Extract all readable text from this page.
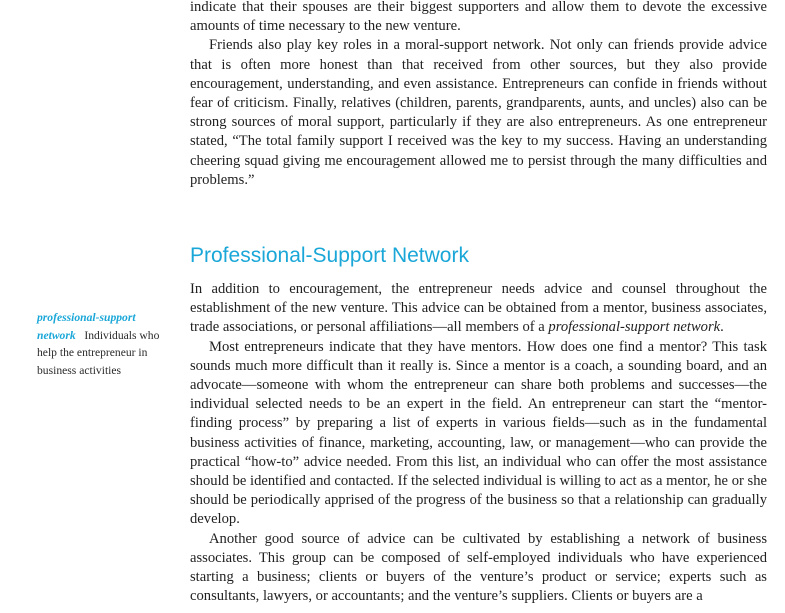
indicate that their spouses are their biggest supporters and allow them to devote the excessive amounts of time necessary to the new venture.

Friends also play key roles in a moral-support network. Not only can friends provide advice that is often more honest than that received from other sources, but they also provide encouragement, understanding, and even assistance. Entrepreneurs can confide in friends without fear of criticism. Finally, relatives (children, parents, grandparents, aunts, and uncles) also can be strong sources of moral support, particularly if they are also entrepreneurs. As one entrepreneur stated, “The total family support I received was the key to my success. Having an understanding cheering squad giving me encouragement allowed me to persist through the many difficulties and problems.”

Professional-Support Network

In addition to encouragement, the entrepreneur needs advice and counsel throughout the establishment of the new venture. This advice can be obtained from a mentor, business associates, trade associations, or personal affiliations—all members of a professional-support network.

Most entrepreneurs indicate that they have mentors. How does one find a mentor? This task sounds much more difficult than it really is. Since a mentor is a coach, a sounding board, and an advocate—someone with whom the entrepreneur can share both problems and successes—the individual selected needs to be an expert in the field. An entrepreneur can start the “mentor-finding process” by preparing a list of experts in various fields—such as in the fundamental business activities of finance, marketing, accounting, law, or management—who can provide the practical “how-to” advice needed. From this list, an individual who can offer the most assistance should be identified and contacted. If the selected individual is willing to act as a mentor, he or she should be periodically apprised of the progress of the business so that a relationship can gradually develop.

Another good source of advice can be cultivated by establishing a network of business associates. This group can be composed of self-employed individuals who have experienced starting a business; clients or buyers of the venture’s product or service; experts such as consultants, lawyers, or accountants; and the venture’s suppliers. Clients or buyers are a

professional-support network Individuals who help the entrepreneur in business activities
